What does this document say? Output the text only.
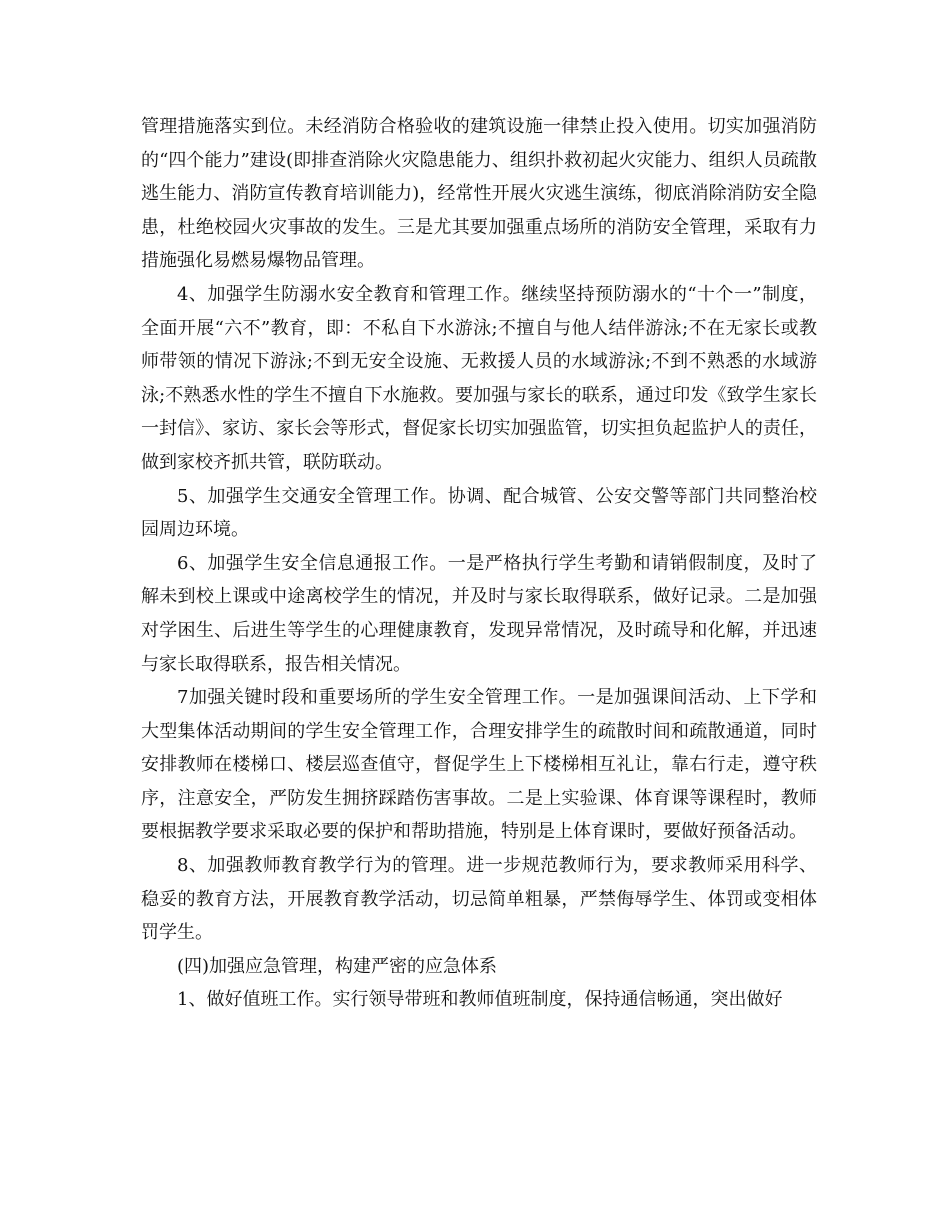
管理措施落实到位。未经消防合格验收的建筑设施一律禁止投入使用。切实加强消防的“四个能力”建设(即排查消除火灾隐患能力、组织扑救初起火灾能力、组织人员疏散逃生能力、消防宣传教育培训能力)，经常性开展火灾逃生演练，彻底消除消防安全隐患，杜绝校园火灾事故的发生。三是尤其要加强重点场所的消防安全管理，采取有力措施强化易燃易爆物品管理。

4、加强学生防溺水安全教育和管理工作。继续坚持预防溺水的“十个一”制度，全面开展“六不”教育，即：不私自下水游泳;不擅自与他人结伴游泳;不在无家长或教师带领的情况下游泳;不到无安全设施、无救援人员的水域游泳;不到不熟悉的水域游泳;不熟悉水性的学生不擅自下水施救。要加强与家长的联系，通过印发《致学生家长一封信》、家访、家长会等形式，督促家长切实加强监管，切实担负起监护人的责任，做到家校齐抓共管，联防联动。

5、加强学生交通安全管理工作。协调、配合城管、公安交警等部门共同整治校园周边环境。

6、加强学生安全信息通报工作。一是严格执行学生考勤和请销假制度，及时了解未到校上课或中途离校学生的情况，并及时与家长取得联系，做好记录。二是加强对学困生、后进生等学生的心理健康教育，发现异常情况，及时疏导和化解，并迅速与家长取得联系，报告相关情况。

7加强关键时段和重要场所的学生安全管理工作。一是加强课间活动、上下学和大型集体活动期间的学生安全管理工作，合理安排学生的疏散时间和疏散通道，同时安排教师在楼梯口、楼层巡查值守，督促学生上下楼梯相互礼让，靠右行走，遵守秩序，注意安全，严防发生拥挤踩踏伤害事故。二是上实验课、体育课等课程时，教师要根据教学要求采取必要的保护和帮助措施，特别是上体育课时，要做好预备活动。

8、加强教师教育教学行为的管理。进一步规范教师行为，要求教师采用科学、稳妥的教育方法，开展教育教学活动，切忌简单粗暴，严禁侮辱学生、体罚或变相体罚学生。

(四)加强应急管理，构建严密的应急体系

1、做好值班工作。实行领导带班和教师值班制度，保持通信畅通，突出做好
